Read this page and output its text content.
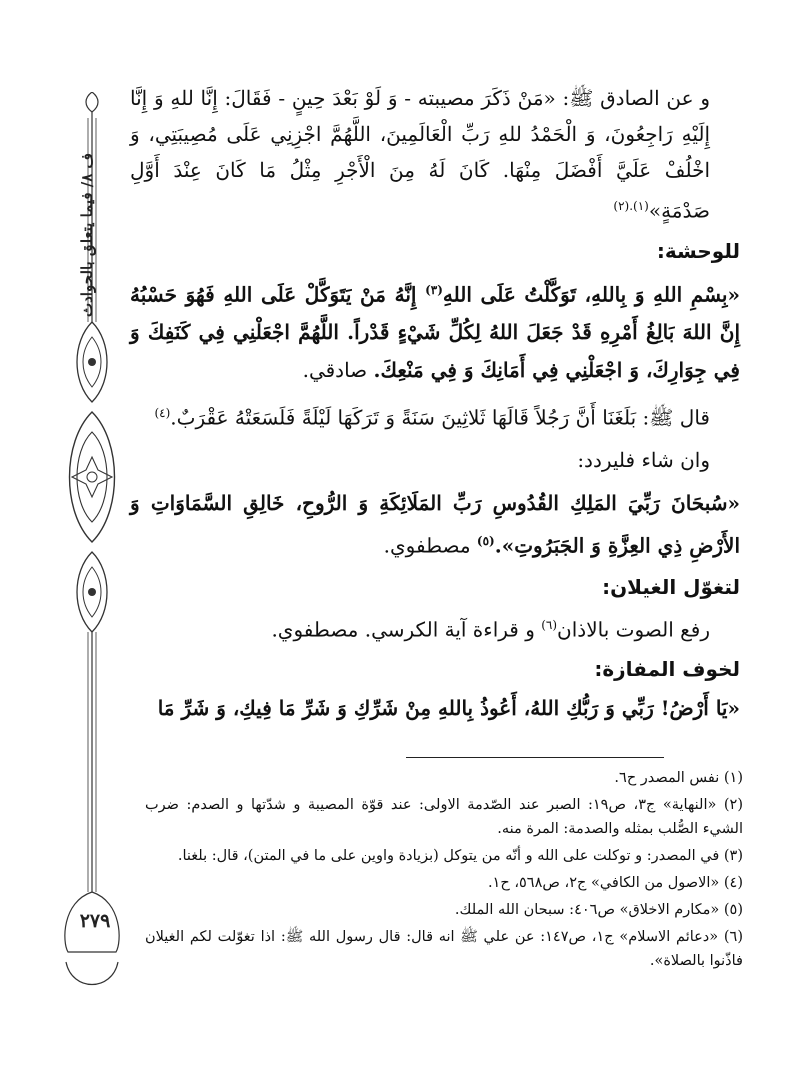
ف ٨/ فيما يتعلق بالحوادث
٢٧٩

و عن الصادق ﷺ: «مَنْ ذَكَرَ مصيبته - وَ لَوْ بَعْدَ حِينٍ - فَقَالَ: إِنَّا للهِ وَ إِنَّا إِلَيْهِ رَاجِعُونَ، وَ الْحَمْدُ للهِ رَبِّ الْعَالَمِينَ، اللَّهُمَّ اجْزِنِي عَلَى مُصِيبَتِي، وَ اخْلُفْ عَلَيَّ أَفْضَلَ مِنْهَا. كَانَ لَهُ مِنَ الْأَجْرِ مِثْلُ مَا كَانَ عِنْدَ أَوَّلِ صَدْمَةٍ»$^{(١).(٢)}$

للوحشة:

«بِسْمِ اللهِ وَ بِاللهِ، تَوَكَّلْتُ عَلَى اللهِ$^{(٣)}$ إِنَّهُ مَنْ يَتَوَكَّلْ عَلَى اللهِ فَهُوَ حَسْبُهُ إِنَّ اللهَ بَالِغُ أَمْرِهِ قَدْ جَعَلَ اللهُ لِكُلِّ شَيْءٍ قَدْراً. اللَّهُمَّ اجْعَلْنِي فِي كَنَفِكَ وَ فِي جِوَارِكَ، وَ اجْعَلْنِي فِي أَمَانِكَ وَ فِي مَنْعِكَ. صادقي.

قال ﷺ: بَلَغَنَا أَنَّ رَجُلاً قَالَهَا ثَلاثِينَ سَنَةً وَ تَرَكَهَا لَيْلَةً فَلَسَعَتْهُ عَقْرَبٌ.$^{(٤)}$

وان شاء فليردد:

«سُبحَانَ رَبِّيَ المَلِكِ القُدُوسِ رَبِّ المَلَائِكَةِ وَ الرُّوحِ، خَالِقِ السَّمَاوَاتِ وَ الأَرْضِ ذِي العِزَّةِ وَ الجَبَرُوتِ».$^{(٥)}$ مصطفوي.

لتغوّل الغيلان:

رفع الصوت بالاذان$^{(٦)}$ و قراءة آية الكرسي. مصطفوي.

لخوف المفازة:

«يَا أَرْضُ! رَبِّي وَ رَبُّكِ اللهُ، أَعُوذُ بِاللهِ مِنْ شَرِّكِ وَ شَرِّ مَا فِيكِ، وَ شَرِّ مَا

(١) نفس المصدر ح٦.

(٢) «النهاية» ج٣، ص١٩: الصبر عند الصّدمة الاولى: عند قوّة المصيبة و شدّتها و الصدم: ضرب الشيء الصُّلب بمثله والصدمة: المرة منه.

(٣) في المصدر: و توكلت على الله و أنّه من يتوكل (بزيادة واوين على ما في المتن)، قال: بلغنا.

(٤) «الاصول من الكافي» ج٢، ص٥٦٨، ح١.

(٥) «مكارم الاخلاق» ص٤٠٦: سبحان الله الملك.

(٦) «دعائم الاسلام» ج١، ص١٤٧: عن علي ﷺ انه قال: قال رسول الله ﷺ: اذا تغوّلت لكم الغيلان فاذّنوا بالصلاة».
